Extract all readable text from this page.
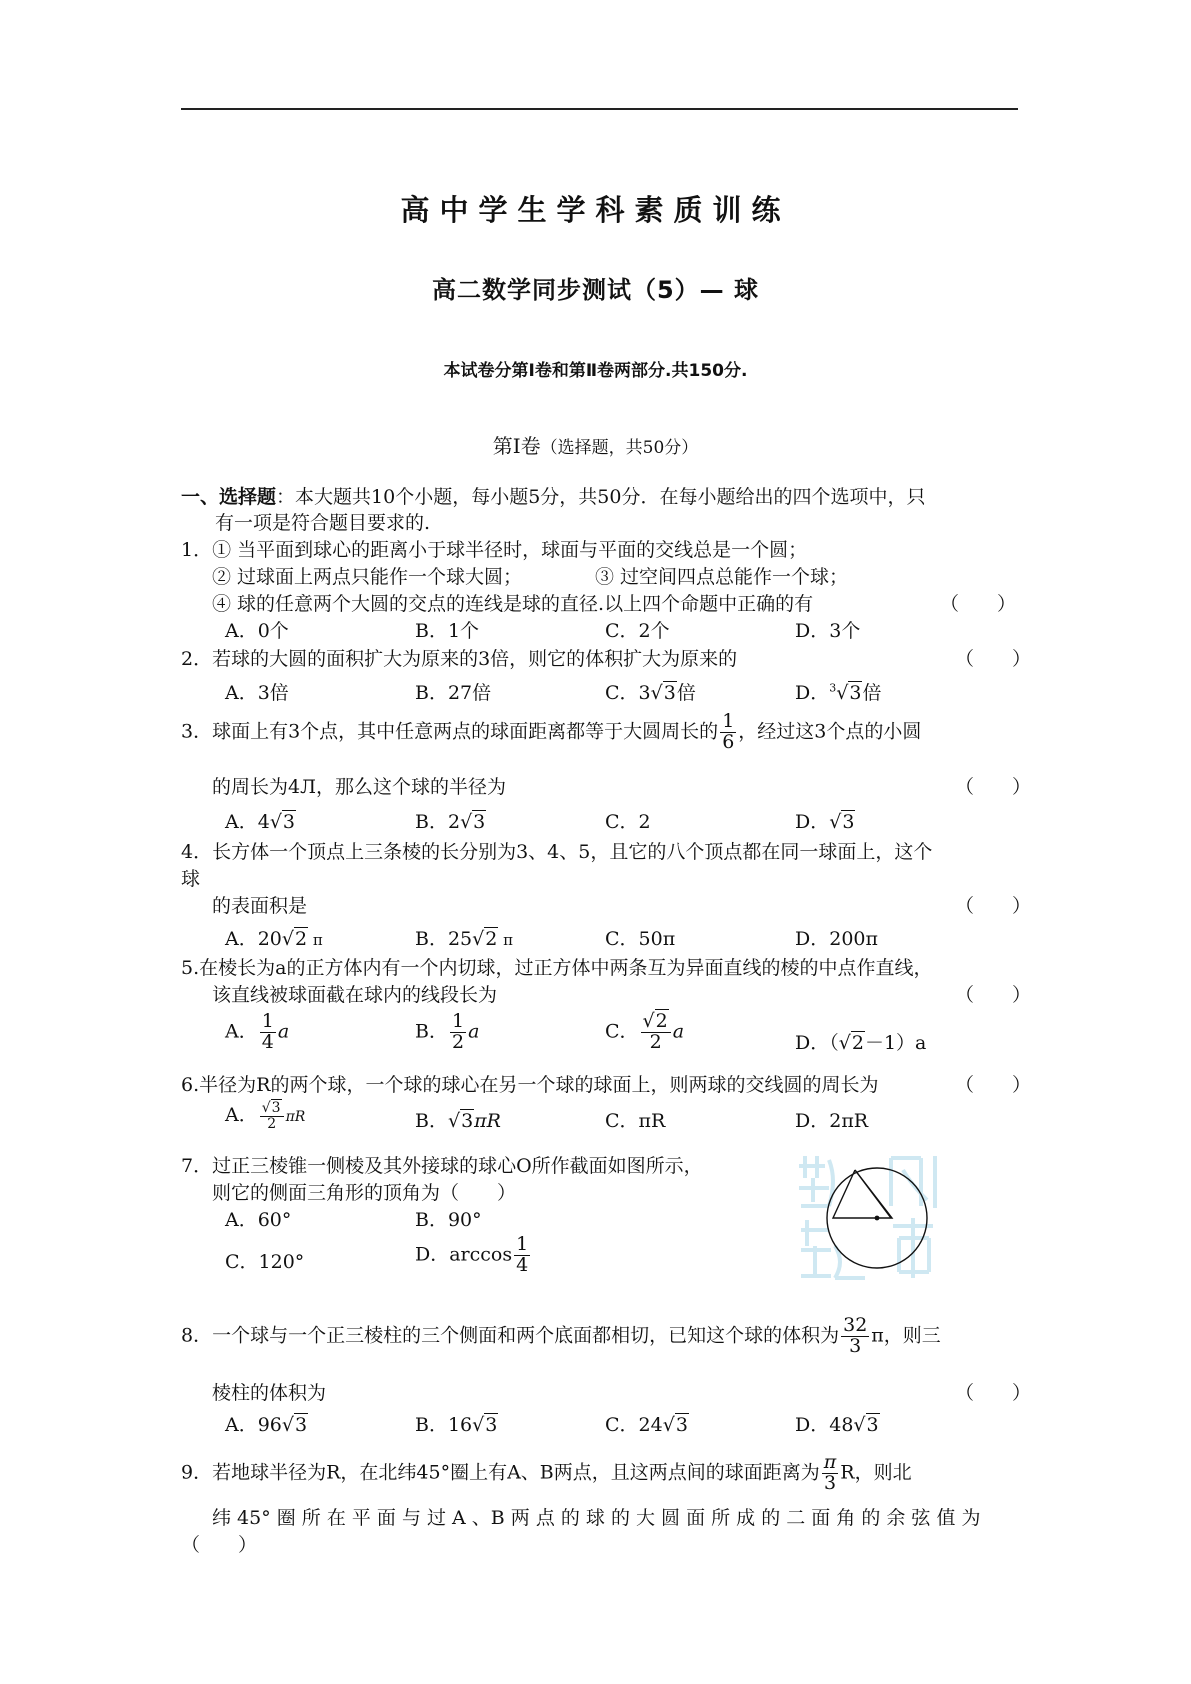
高中学生学科素质训练
高二数学同步测试（5）— 球
本试卷分第Ⅰ卷和第Ⅱ卷两部分.共150分.
第Ⅰ卷（选择题，共50分）
一、选择题：本大题共10个小题，每小题5分，共50分．在每小题给出的四个选项中，只
有一项是符合题目要求的.
1．① 当平面到球心的距离小于球半径时，球面与平面的交线总是一个圆；
② 过球面上两点只能作一个球大圆；	③ 过空间四点总能作一个球；
④ 球的任意两个大圆的交点的连线是球的直径.以上四个命题中正确的有	（　　）
A．0个	B．1个	C．2个	D．3个
2．若球的大圆的面积扩大为原来的3倍，则它的体积扩大为原来的	（　　）
A．3倍	B．27倍	C．3√3倍	D．$^3$√3倍
3．球面上有3个点，其中任意两点的球面距离都等于大圆周长的 $\frac{1}{6}$ ，经过这3个点的小圆
的周长为4Л，那么这个球的半径为	（　　）
A．4√3	B．2√3	C．2	D．√3
4．长方体一个顶点上三条棱的长分别为3、4、5，且它的八个顶点都在同一球面上，这个
球
的表面积是	（　　）
A．20√2 π	B．25√2 π	C．50π	D．200π
5.在棱长为a的正方体内有一个内切球，过正方体中两条互为异面直线的棱的中点作直线，
该直线被球面截在球内的线段长为	（　　）
A． $\frac{1}{4}$ a	B． $\frac{1}{2}$ a	C． $\frac{√2}{2}$ a
D．（√2－1）a
6.半径为R的两个球，一个球的球心在另一个球的球面上，则两球的交线圆的周长为	（　　）
A． $\frac{√3}{2}$ πR	B．√3πR	C．πR	D．2πR
7．过正三棱锥一侧棱及其外接球的球心O所作截面如图所示，
则它的侧面三角形的顶角为（　　）
A．60°	B．90°
C．120°	D．$\arccos \frac{1}{4}$
8．一个球与一个正三棱柱的三个侧面和两个底面都相切，已知这个球的体积为 $\frac{32}{3}$ π，则三
棱柱的体积为	（　　）
A．96√3	B．16√3	C．24√3	D．48√3
9．若地球半径为R，在北纬45°圈上有A、B两点，且这两点间的球面距离为 $\frac{\pi}{3}$ R，则北
纬 45° 圈 所 在 平 面 与 过 A 、B 两 点 的 球 的 大 圆 面 所 成 的 二 面 角 的 余 弦 值 为
（　　）
